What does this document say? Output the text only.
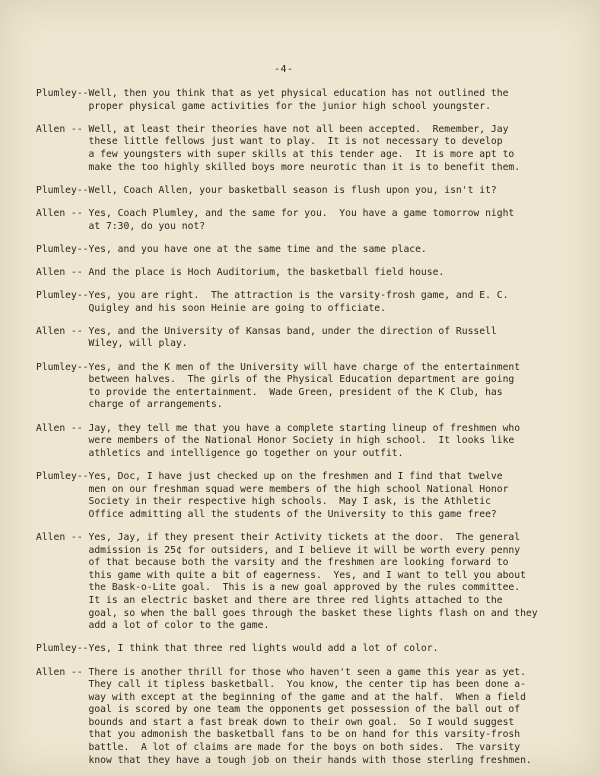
-4-
Plumley--Well, then you think that as yet physical education has not outlined the
proper physical game activities for the junior high school youngster.
Allen -- Well, at least their theories have not all been accepted.  Remember, Jay
these little fellows just want to play.  It is not necessary to develop
a few youngsters with super skills at this tender age.  It is more apt to
make the too highly skilled boys more neurotic than it is to benefit them.
Plumley--Well, Coach Allen, your basketball season is flush upon you, isn't it?
Allen -- Yes, Coach Plumley, and the same for you.  You have a game tomorrow night
at 7:30, do you not?
Plumley--Yes, and you have one at the same time and the same place.
Allen -- And the place is Hoch Auditorium, the basketball field house.
Plumley--Yes, you are right.  The attraction is the varsity-frosh game, and E. C.
Quigley and his soon Heinie are going to officiate.
Allen -- Yes, and the University of Kansas band, under the direction of Russell
Wiley, will play.
Plumley--Yes, and the K men of the University will have charge of the entertainment
between halves.  The girls of the Physical Education department are going
to provide the entertainment.  Wade Green, president of the K Club, has
charge of arrangements.
Allen -- Jay, they tell me that you have a complete starting lineup of freshmen who
were members of the National Honor Society in high school.  It looks like
athletics and intelligence go together on your outfit.
Plumley--Yes, Doc, I have just checked up on the freshmen and I find that twelve
men on our freshman squad were members of the high school National Honor
Society in their respective high schools.  May I ask, is the Athletic
Office admitting all the students of the University to this game free?
Allen -- Yes, Jay, if they present their Activity tickets at the door.  The general
admission is 25¢ for outsiders, and I believe it will be worth every penny
of that because both the varsity and the freshmen are looking forward to
this game with quite a bit of eagerness.  Yes, and I want to tell you about
the Bask-o-Lite goal.  This is a new goal approved by the rules committee.
It is an electric basket and there are three red lights attached to the
goal, so when the ball goes through the basket these lights flash on and they
add a lot of color to the game.
Plumley--Yes, I think that three red lights would add a lot of color.
Allen -- There is another thrill for those who haven't seen a game this year as yet.
They call it tipless basketball.  You know, the center tip has been done a-
way with except at the beginning of the game and at the half.  When a field
goal is scored by one team the opponents get possession of the ball out of
bounds and start a fast break down to their own goal.  So I would suggest
that you admonish the basketball fans to be on hand for this varsity-frosh
battle.  A lot of claims are made for the boys on both sides.  The varsity
know that they have a tough job on their hands with those sterling freshmen.
